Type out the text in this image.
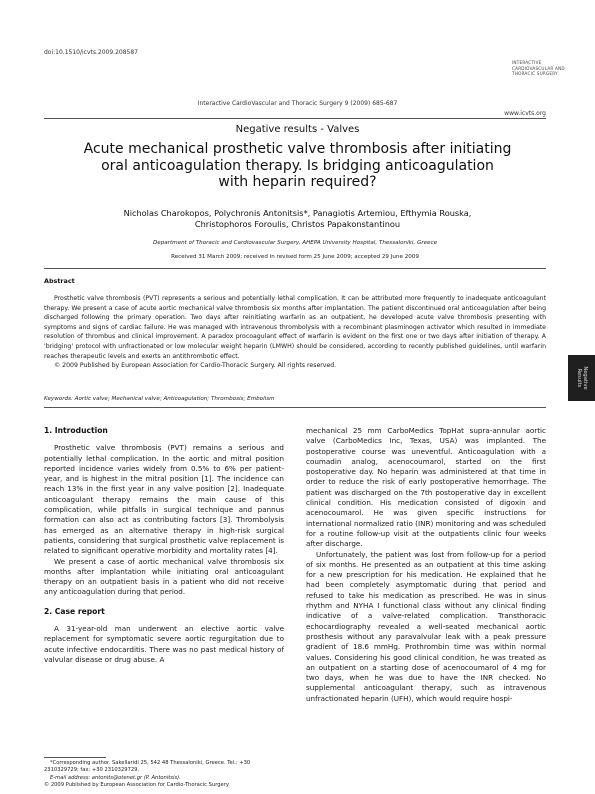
doi:10.1510/icvts.2009.208587
INTERACTIVE
CARDIOVASCULAR AND
THORACIC SURGERY
Interactive CardioVascular and Thoracic Surgery 9 (2009) 685-687
www.icvts.org
Negative results - Valves
Acute mechanical prosthetic valve thrombosis after initiating
oral anticoagulation therapy. Is bridging anticoagulation
with heparin required?
Nicholas Charokopos, Polychronis Antonitsis*, Panagiotis Artemiou, Efthymia Rouska,
Christophoros Foroulis, Christos Papakonstantinou
Department of Thoracic and Cardiovascular Surgery, AHEPA University Hospital, Thessaloniki, Greece
Received 31 March 2009; received in revised form 25 June 2009; accepted 29 June 2009
Abstract
Prosthetic valve thrombosis (PVT) represents a serious and potentially lethal complication. It can be attributed more frequently to inadequate anticoagulant therapy. We present a case of acute aortic mechanical valve thrombosis six months after implantation. The patient discontinued oral anticoagulation after being discharged following the primary operation. Two days after reinitiating warfarin as an outpatient, he developed acute valve thrombosis presenting with symptoms and signs of cardiac failure. He was managed with intravenous thrombolysis with a recombinant plasminogen activator which resulted in immediate resolution of thrombus and clinical improvement. A paradox procoagulant effect of warfarin is evident on the first one or two days after initiation of therapy. A 'bridging' protocol with unfractionated or low molecular weight heparin (LMWH) should be considered, according to recently published guidelines, until warfarin reaches therapeutic levels and exerts an antithrombotic effect.
© 2009 Published by European Association for Cardio-Thoracic Surgery. All rights reserved.
Keywords: Aortic valve; Mechanical valve; Anticoagulation; Thrombosis; Embolism
Negative
Results
1. Introduction

Prosthetic valve thrombosis (PVT) remains a serious and potentially lethal complication. In the aortic and mitral position reported incidence varies widely from 0.5% to 6% per patient-year, and is highest in the mitral position [1]. The incidence can reach 13% in the first year in any valve position [2]. Inadequate anticoagulant therapy remains the main cause of this complication, while pitfalls in surgical technique and pannus formation can also act as contributing factors [3]. Thrombolysis has emerged as an alternative therapy in high-risk surgical patients, considering that surgical prosthetic valve replacement is related to significant operative morbidity and mortality rates [4].

We present a case of aortic mechanical valve thrombosis six months after implantation while initiating oral anticoagulant therapy on an outpatient basis in a patient who did not receive any anticoagulation during that period.

2. Case report

A 31-year-old man underwent an elective aortic valve replacement for symptomatic severe aortic regurgitation due to acute infective endocarditis. There was no past medical history of valvular disease or drug abuse. A

mechanical 25 mm CarboMedics TopHat supra-annular aortic valve (CarboMedics Inc, Texas, USA) was implanted. The postoperative course was uneventful. Anticoagulation with a coumadin analog, acenocoumarol, started on the first postoperative day. No heparin was administered at that time in order to reduce the risk of early postoperative hemorrhage. The patient was discharged on the 7th postoperative day in excellent clinical condition. His medication consisted of digoxin and acenocoumarol. He was given specific instructions for international normalized ratio (INR) monitoring and was scheduled for a routine follow-up visit at the outpatients clinic four weeks after discharge.

Unfortunately, the patient was lost from follow-up for a period of six months. He presented as an outpatient at this time asking for a new prescription for his medication. He explained that he had been completely asymptomatic during that period and refused to take his medication as prescribed. He was in sinus rhythm and NYHA I functional class without any clinical finding indicative of a valve-related complication. Transthoracic echocardiography revealed a well-seated mechanical aortic prosthesis without any paravalvular leak with a peak pressure gradient of 18.6 mmHg. Prothrombin time was within normal values. Considering his good clinical condition, he was treated as an outpatient on a starting dose of acenocoumarol of 4 mg for two days, when he was due to have the INR checked. No supplemental anticoagulant therapy, such as intravenous unfractionated heparin (UFH), which would require hospi-

*Corresponding author. Sakellaridi 25, 542 48 Thessaloniki, Greece. Tel.: +30 2310329729; fax: +30 2310329729.
E-mail address: antonits@otenet.gr (P. Antonitsis).
© 2009 Published by European Association for Cardio-Thoracic Surgery
